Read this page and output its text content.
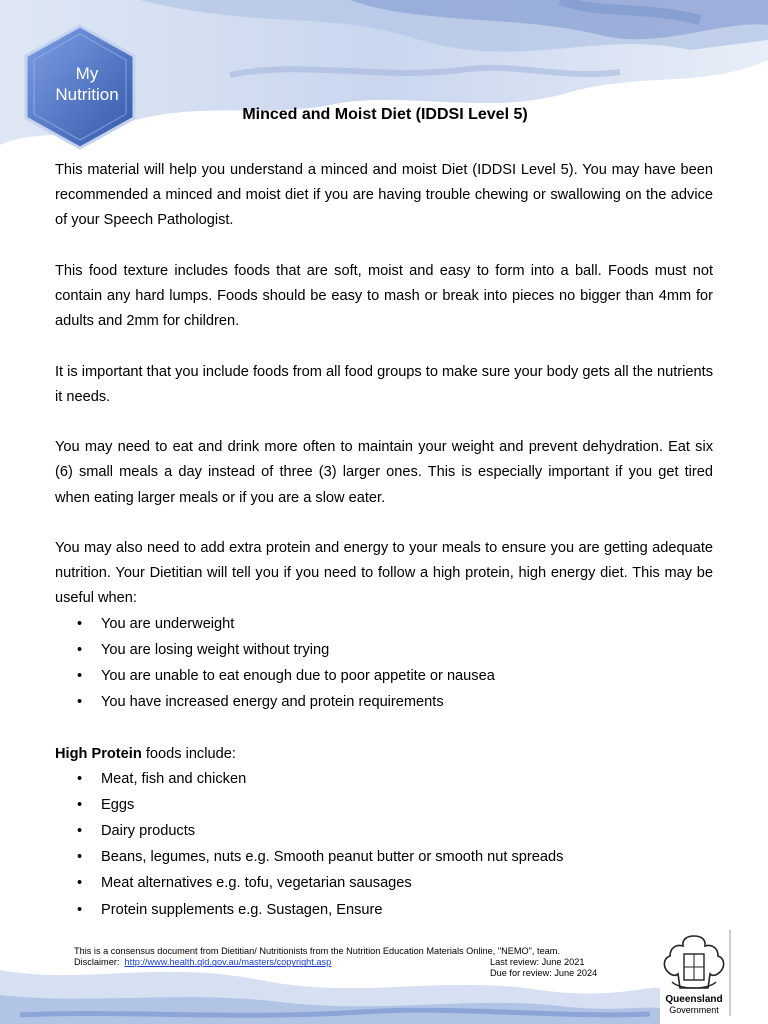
My
Nutrition
Minced and Moist Diet (IDDSI Level 5)

This material will help you understand a minced and moist Diet (IDDSI Level 5). You may have been recommended a minced and moist diet if you are having trouble chewing or swallowing on the advice of your Speech Pathologist.

This food texture includes foods that are soft, moist and easy to form into a ball. Foods must not contain any hard lumps. Foods should be easy to mash or break into pieces no bigger than 4mm for adults and 2mm for children.

It is important that you include foods from all food groups to make sure your body gets all the nutrients it needs.

You may need to eat and drink more often to maintain your weight and prevent dehydration. Eat six (6) small meals a day instead of three (3) larger ones. This is especially important if you get tired when eating larger meals or if you are a slow eater.

You may also need to add extra protein and energy to your meals to ensure you are getting adequate nutrition. Your Dietitian will tell you if you need to follow a high protein, high energy diet. This may be useful when:

• You are underweight
• You are losing weight without trying
• You are unable to eat enough due to poor appetite or nausea
• You have increased energy and protein requirements

High Protein foods include:

• Meat, fish and chicken
• Eggs
• Dairy products
• Beans, legumes, nuts e.g. Smooth peanut butter or smooth nut spreads
• Meat alternatives e.g. tofu, vegetarian sausages
• Protein supplements e.g. Sustagen, Ensure
This is a consensus document from Dietitian/ Nutritionists from the Nutrition Education Materials Online, "NEMO", team.
Disclaimer: http://www.health.qld.gov.au/masters/copyright.asp	Last review: June 2021
Due for review: June 2024
Queensland
Government
